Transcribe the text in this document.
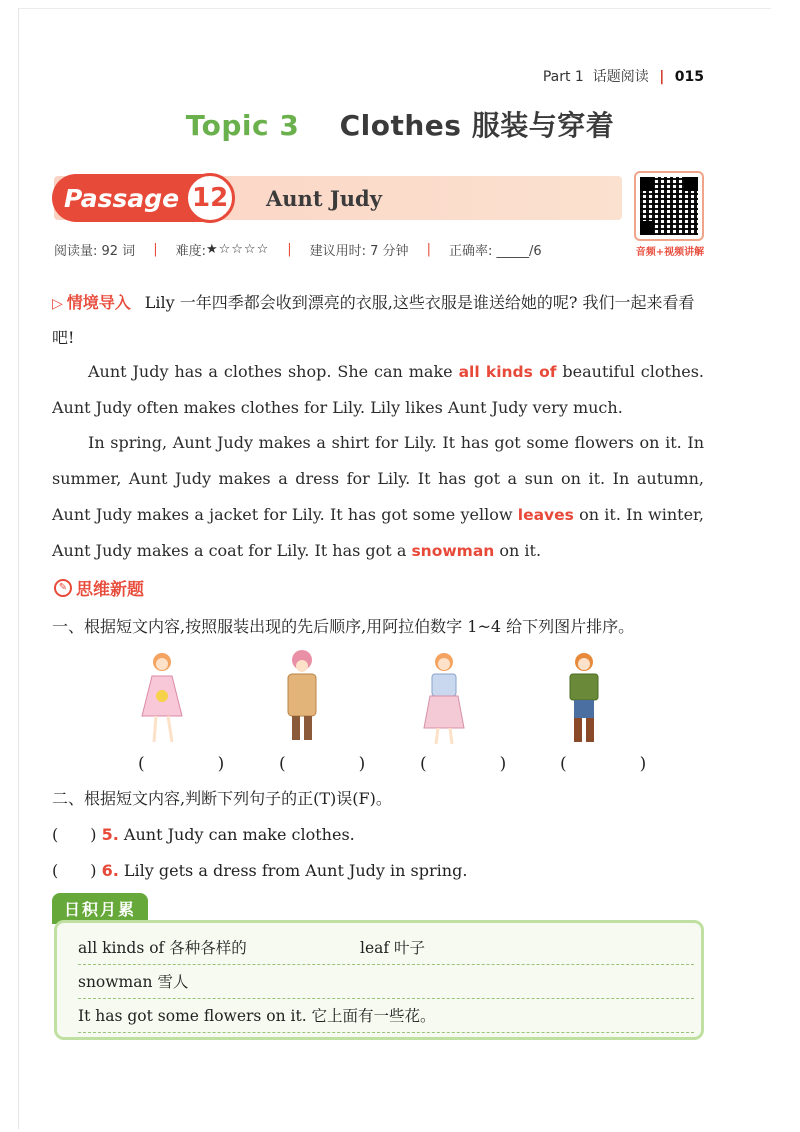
Part 1 话题阅读 | 015
Topic 3 Clothes 服装与穿着
Passage 12	Aunt Judy
音频+视频讲解
阅读量: 92 词 | 难度: ★☆☆☆☆ | 建议用时: 7 分钟 | 正确率: _____/6
▷ 情境导入 Lily 一年四季都会收到漂亮的衣服,这些衣服是谁送给她的呢? 我们一起来看看吧!
Aunt Judy has a clothes shop. She can make all kinds of beautiful clothes. Aunt Judy often makes clothes for Lily. Lily likes Aunt Judy very much.
In spring, Aunt Judy makes a shirt for Lily. It has got some flowers on it. In summer, Aunt Judy makes a dress for Lily. It has got a sun on it. In autumn, Aunt Judy makes a jacket for Lily. It has got some yellow leaves on it. In winter, Aunt Judy makes a coat for Lily. It has got a snowman on it.
✎ 思维新题
一、根据短文内容,按照服装出现的先后顺序,用阿拉伯数字 1~4 给下列图片排序。
(　) (　) (　) (　)
二、根据短文内容,判断下列句子的正(T)误(F)。
(　　) 5. Aunt Judy can make clothes.
(　　) 6. Lily gets a dress from Aunt Judy in spring.
日积月累
all kinds of 各种各样的	leaf 叶子
snowman 雪人
It has got some flowers on it. 它上面有一些花。
